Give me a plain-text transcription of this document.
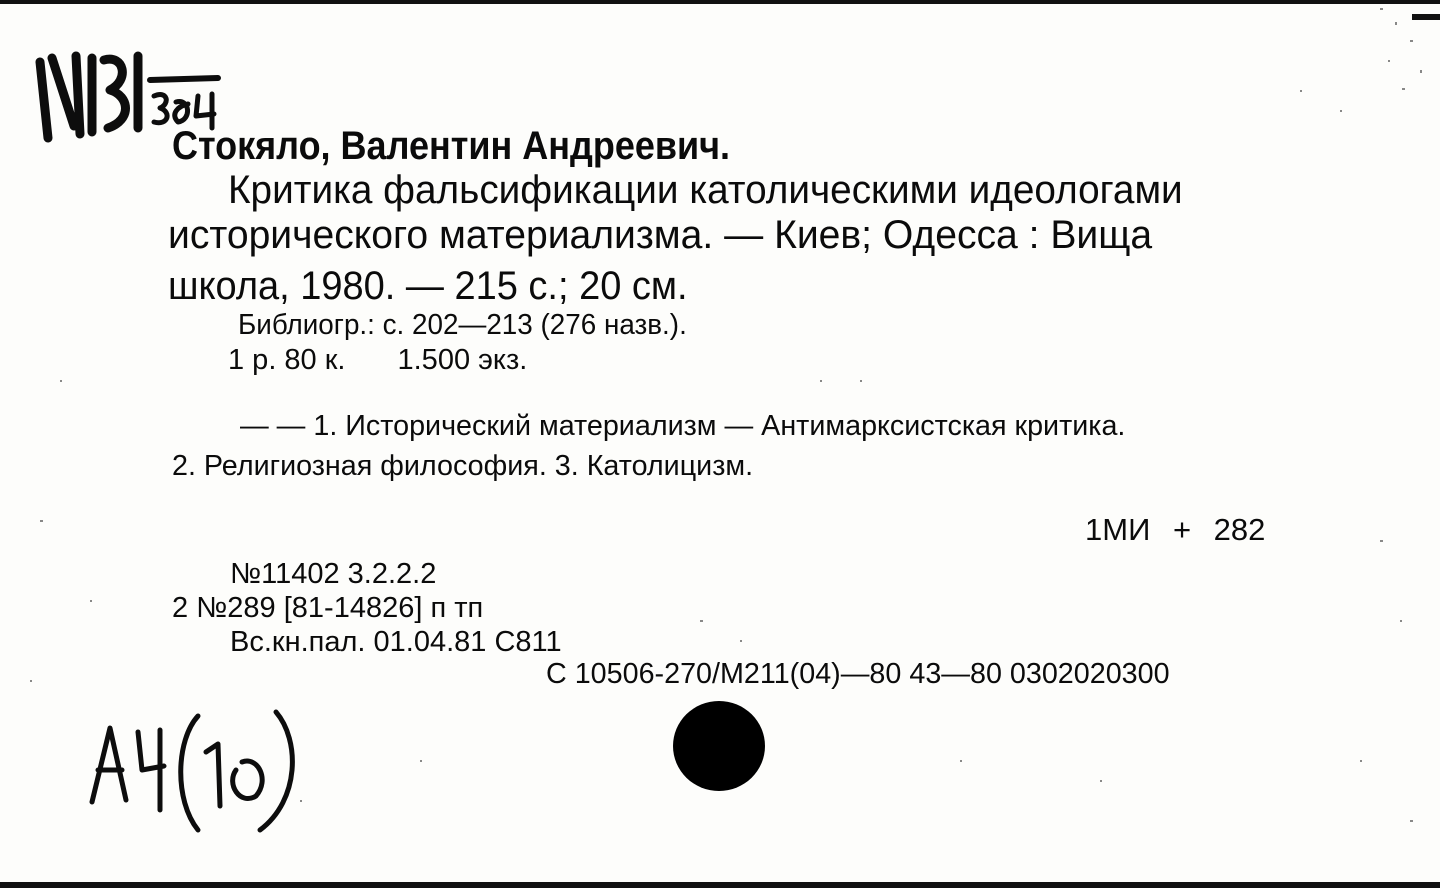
Стокяло, Валентин Андреевич.
Критика фальсификации католическими идеологами
исторического материализма. — Киев; Одесса : Вища
школа, 1980. — 215 с.; 20 см.
Библиогр.: с. 202—213 (276 назв.).
1 р. 80 к. 1.500 экз.
— — 1. Исторический материализм — Антимарксистская критика.
2. Религиозная философия. 3. Католицизм.
1МИ + 282
№11402 3.2.2.2
2 №289 [81-14826] п тп
Вс.кн.пал. 01.04.81 С811
С 10506-270/М211(04)—80 43—80 0302020300
